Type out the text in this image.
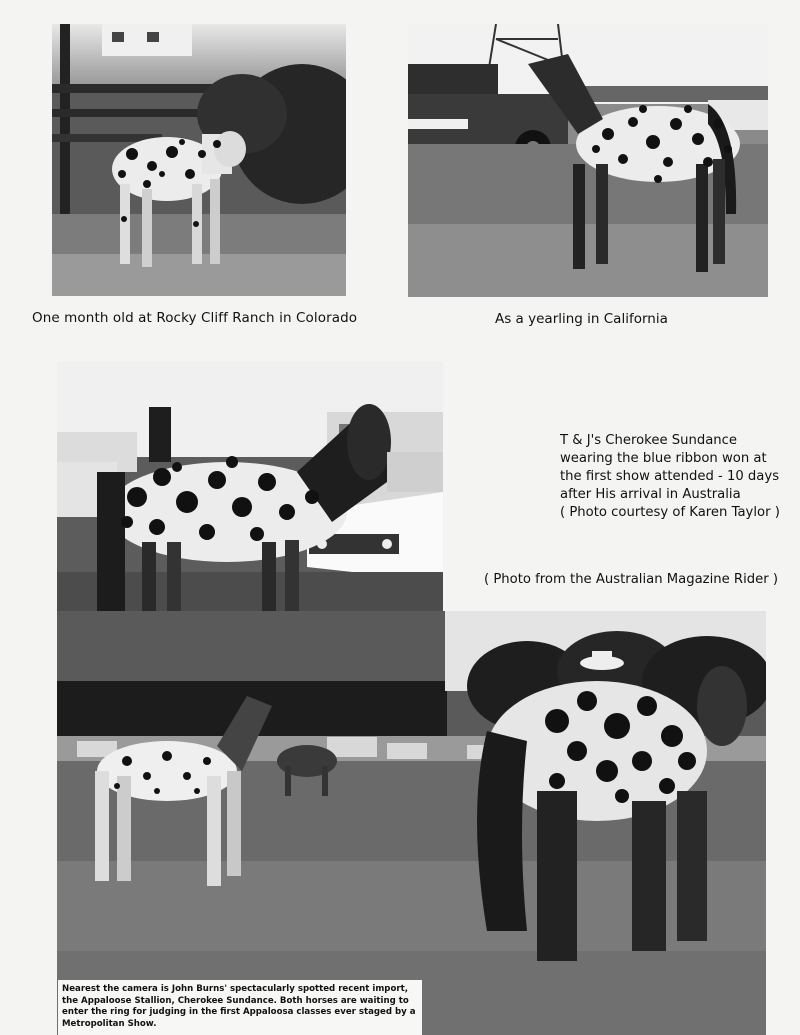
One month old at Rocky Cliff Ranch in Colorado	As a yearling in California
T & J's Cherokee Sundance
wearing the blue ribbon won at
the first show attended - 10 days
after His arrival in Australia
( Photo courtesy of Karen Taylor )
( Photo from the Australian Magazine Rider )
Nearest the camera is John Burns' spectacularly spotted recent import,
the Appaloose Stallion, Cherokee Sundance. Both horses are waiting to
enter the ring for judging in the first Appaloosa classes ever staged by a
Metropolitan Show.
